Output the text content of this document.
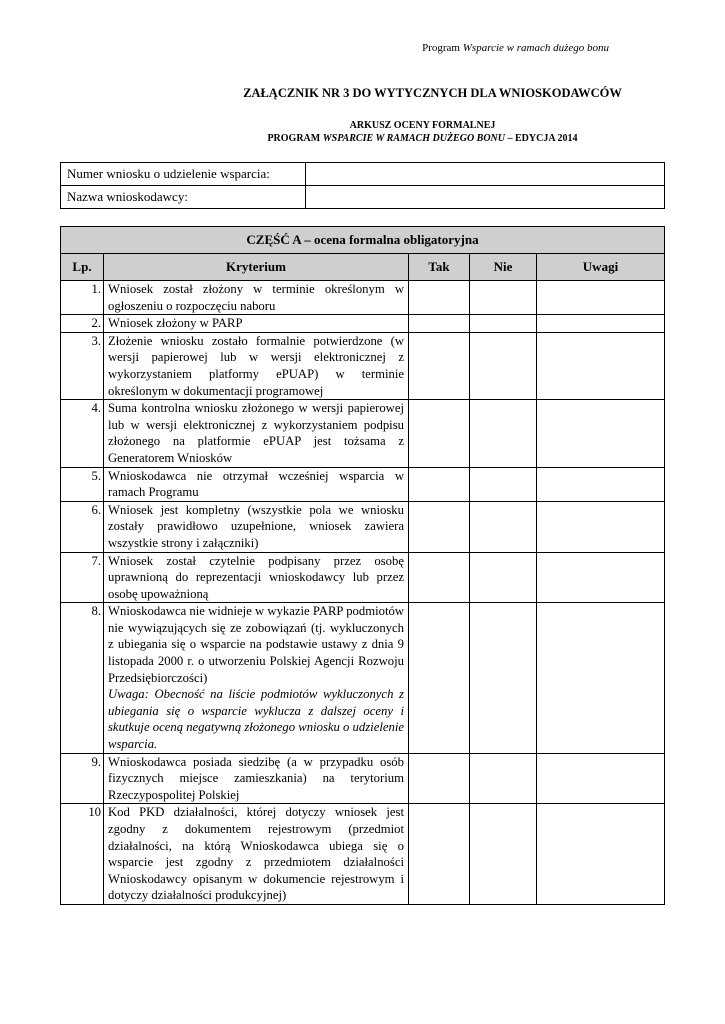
Program Wsparcie w ramach dużego bonu
ZAŁĄCZNIK NR 3 DO WYTYCZNYCH DLA WNIOSKODAWCÓW
ARKUSZ OCENY FORMALNEJ
PROGRAM WSPARCIE W RAMACH DUŻEGO BONU – EDYCJA 2014
Numer wniosku o udzielenie wsparcia:	
Nazwa wnioskodawcy:	
CZĘŚĆ A – ocena formalna obligatoryjna				
Lp.	Kryterium	Tak	Nie	Uwagi
1.	Wniosek został złożony w terminie określonym w ogłoszeniu o rozpoczęciu naboru			
2.	Wniosek złożony w PARP			
3.	Złożenie wniosku zostało formalnie potwierdzone (w wersji papierowej lub w wersji elektronicznej z wykorzystaniem platformy ePUAP) w terminie określonym w dokumentacji programowej			
4.	Suma kontrolna wniosku złożonego w wersji papierowej lub w wersji elektronicznej z wykorzystaniem podpisu złożonego na platformie ePUAP jest tożsama z Generatorem Wniosków			
5.	Wnioskodawca nie otrzymał wcześniej wsparcia w ramach Programu			
6.	Wniosek jest kompletny (wszystkie pola we wniosku zostały prawidłowo uzupełnione, wniosek zawiera wszystkie strony i załączniki)			
7.	Wniosek został czytelnie podpisany przez osobę uprawnioną do reprezentacji wnioskodawcy lub przez osobę upoważnioną			
8.	Wnioskodawca nie widnieje w wykazie PARP podmiotów nie wywiązujących się ze zobowiązań (tj. wykluczonych z ubiegania się o wsparcie na podstawie ustawy z dnia 9 listopada 2000 r. o utworzeniu Polskiej Agencji Rozwoju Przedsiębiorczości)
Uwaga: Obecność na liście podmiotów wykluczonych z ubiegania się o wsparcie wyklucza z dalszej oceny i skutkuje oceną negatywną złożonego wniosku o udzielenie wsparcia.			

9.	Wnioskodawca posiada siedzibę (a w przypadku osób fizycznych miejsce zamieszkania) na terytorium Rzeczypospolitej Polskiej			
10	Kod PKD działalności, której dotyczy wniosek jest zgodny z dokumentem rejestrowym (przedmiot działalności, na którą Wnioskodawca ubiega się o wsparcie jest zgodny z przedmiotem działalności Wnioskodawcy opisanym w dokumencie rejestrowym i dotyczy działalności produkcyjnej)			
